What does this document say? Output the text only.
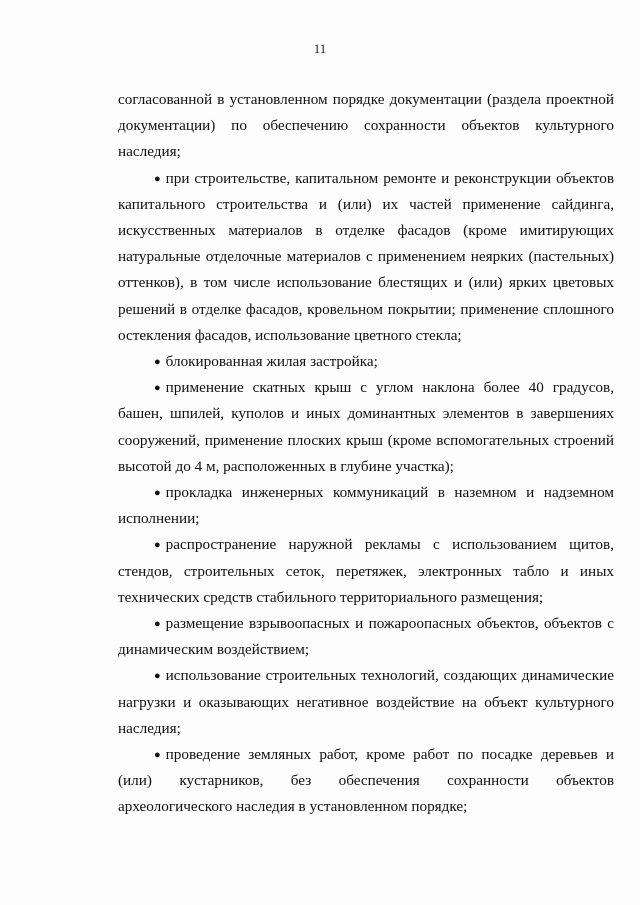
11

согласованной в установленном порядке документации (раздела проектной документации) по обеспечению сохранности объектов культурного наследия;

● при строительстве, капитальном ремонте и реконструкции объектов капитального строительства и (или) их частей применение сайдинга, искусственных материалов в отделке фасадов (кроме имитирующих натуральные отделочные материалов с применением неярких (пастельных) оттенков), в том числе использование блестящих и (или) ярких цветовых решений в отделке фасадов, кровельном покрытии; применение сплошного остекления фасадов, использование цветного стекла;

● блокированная жилая застройка;

● применение скатных крыш с углом наклона более 40 градусов, башен, шпилей, куполов и иных доминантных элементов в завершениях сооружений, применение плоских крыш (кроме вспомогательных строений высотой до 4 м, расположенных в глубине участка);

● прокладка инженерных коммуникаций в наземном и надземном исполнении;

● распространение наружной рекламы с использованием щитов, стендов, строительных сеток, перетяжек, электронных табло и иных технических средств стабильного территориального размещения;

● размещение взрывоопасных и пожароопасных объектов, объектов с динамическим воздействием;

● использование строительных технологий, создающих динамические нагрузки и оказывающих негативное воздействие на объект культурного наследия;

● проведение земляных работ, кроме работ по посадке деревьев и (или) кустарников, без обеспечения сохранности объектов археологического наследия в установленном порядке;
